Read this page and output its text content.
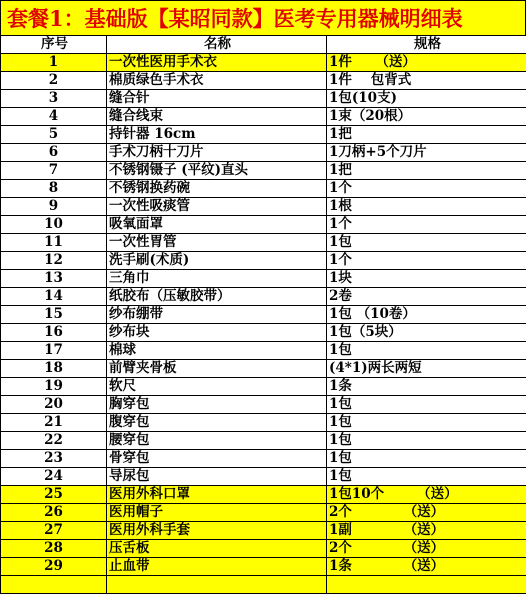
套餐1：基础版【某昭同款】医考专用器械明细表
序号	名称	规格
1	一次性医用手术衣	1件     （送）
2	棉质绿色手术衣	1件    包背式
3	缝合针	1包(10支)
4	缝合线束	1束（20根）
5	持针器 16cm	1把
6	手术刀柄十刀片	1刀柄+5个刀片
7	不锈钢镊子 (平纹)直头	1把
8	不锈钢换药碗	1个
9	一次性吸痰管	1根
10	吸氧面罩	1个
11	一次性胃管	1包
12	洗手刷(术质)	1个
13	三角巾	1块
14	纸胶布（压敏胶带）	2卷
15	纱布绷带	1包 （10卷）
16	纱布块	1包（5块）
17	棉球	1包
18	前臂夹骨板	(4*1)两长两短
19	软尺	1条
20	胸穿包	1包
21	腹穿包	1包
22	腰穿包	1包
23	骨穿包	1包
24	导尿包	1包
25	医用外科口罩	1包10个       （送）
26	医用帽子	2个           （送）
27	医用外科手套	1副           （送）
28	压舌板	2个           （送）
29	止血带	1条           （送）
